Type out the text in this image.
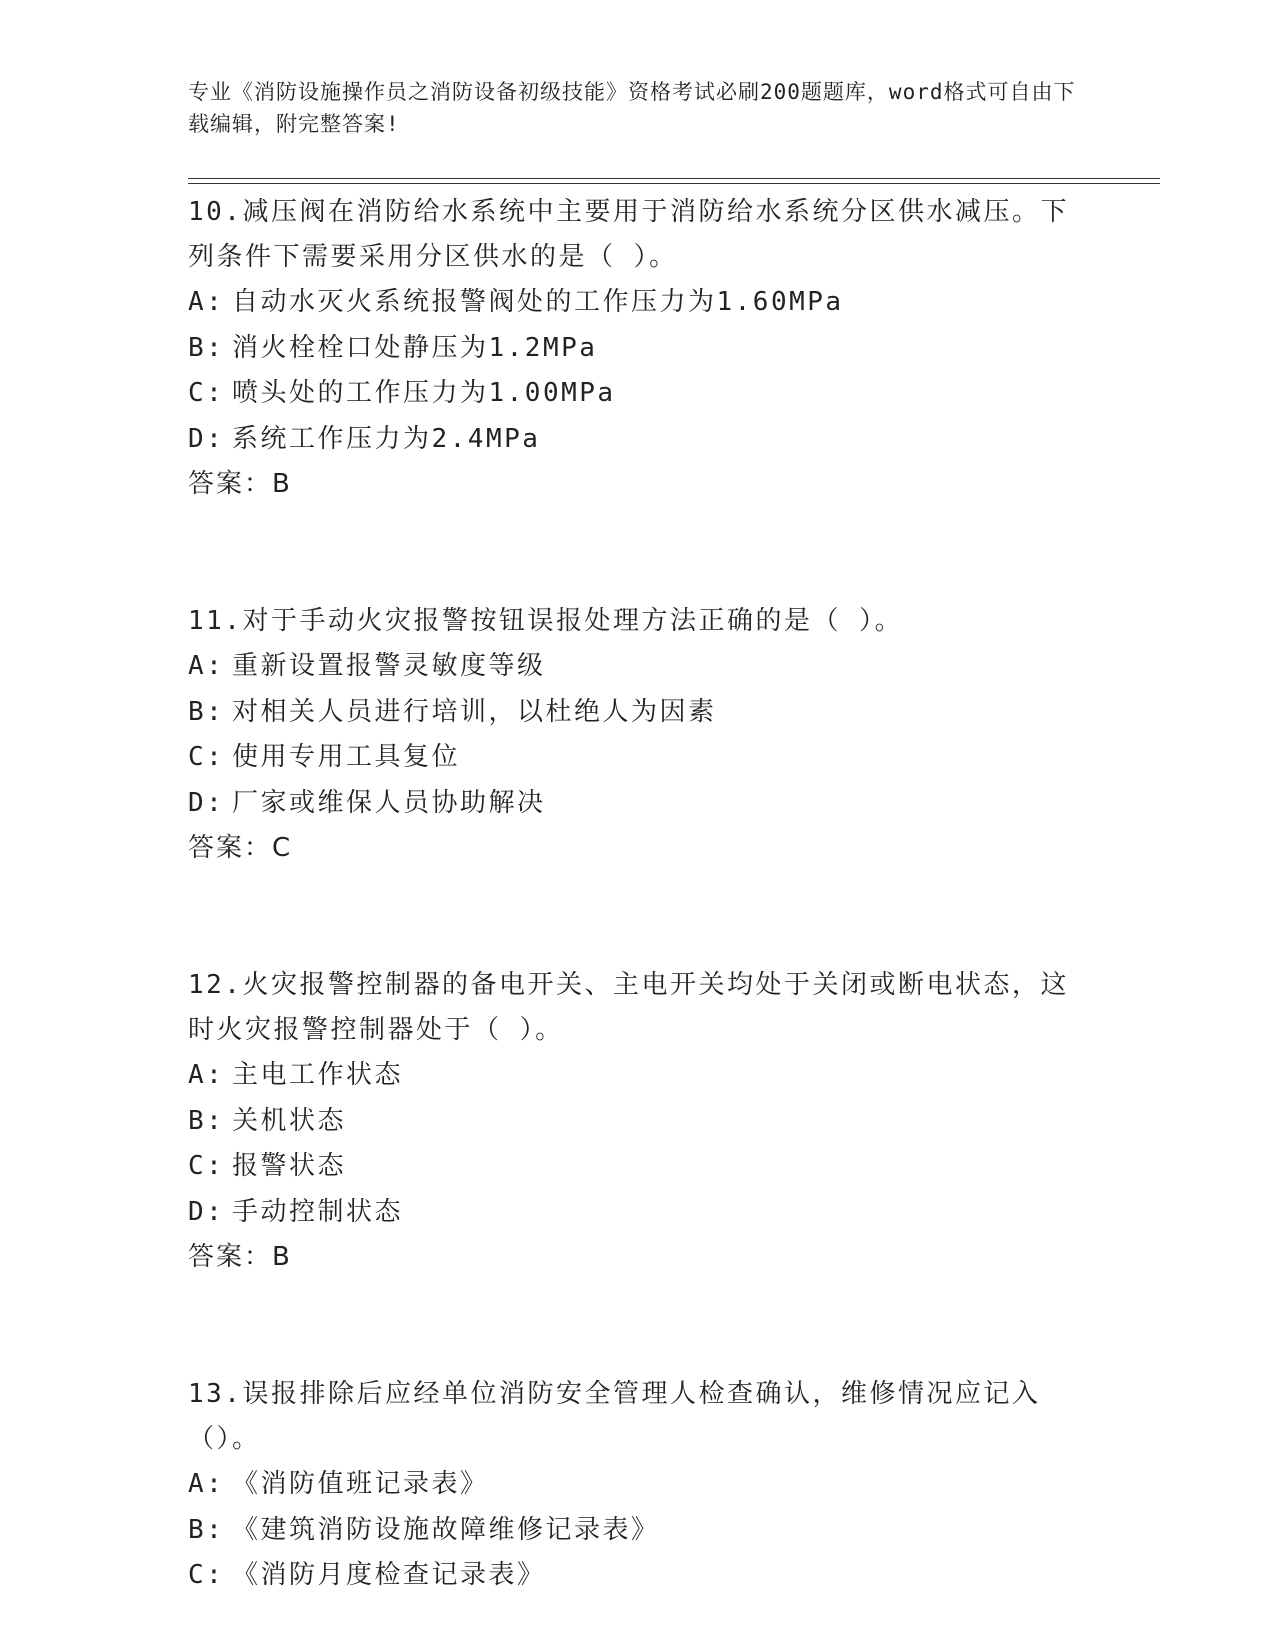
专业《消防设施操作员之消防设备初级技能》资格考试必刷200题题库，word格式可自由下载编辑，附完整答案!

10.减压阀在消防给水系统中主要用于消防给水系统分区供水减压。下列条件下需要采用分区供水的是（ ）。

A: 自动水灭火系统报警阀处的工作压力为1.60MPa

B: 消火栓栓口处静压为1.2MPa

C: 喷头处的工作压力为1.00MPa

D: 系统工作压力为2.4MPa

答案：B

11.对于手动火灾报警按钮误报处理方法正确的是（ ）。

A: 重新设置报警灵敏度等级

B: 对相关人员进行培训，以杜绝人为因素

C: 使用专用工具复位

D: 厂家或维保人员协助解决

答案：C

12.火灾报警控制器的备电开关、主电开关均处于关闭或断电状态，这时火灾报警控制器处于（ ）。

A: 主电工作状态

B: 关机状态

C: 报警状态

D: 手动控制状态

答案：B

13.误报排除后应经单位消防安全管理人检查确认，维修情况应记入（）。

A: 《消防值班记录表》

B: 《建筑消防设施故障维修记录表》

C: 《消防月度检查记录表》
